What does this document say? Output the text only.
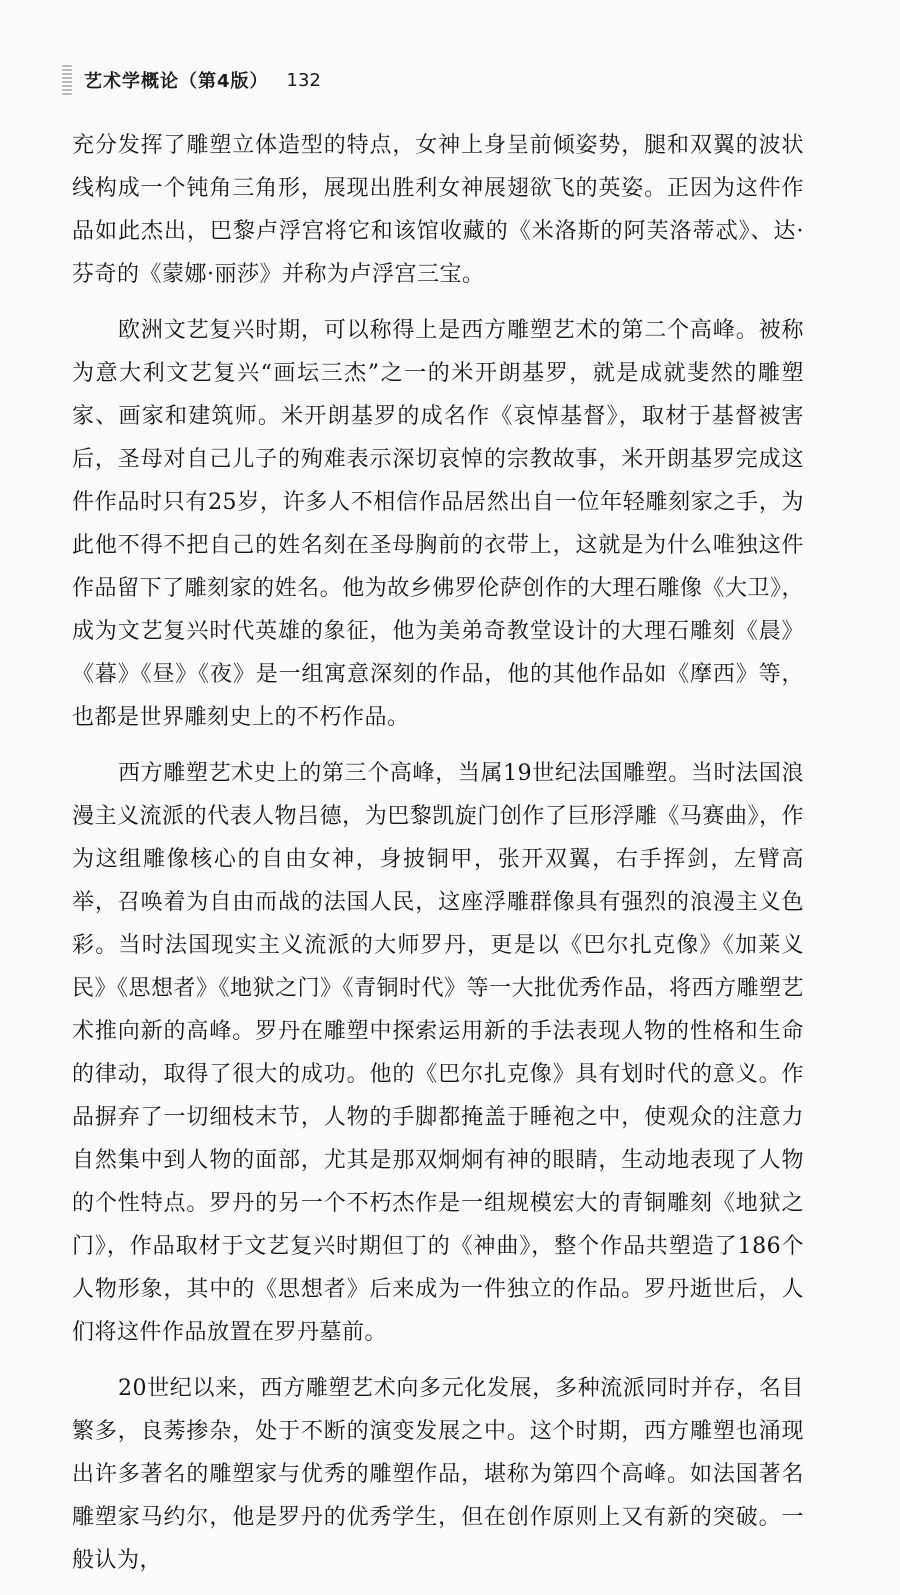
艺术学概论（第4版） 132

充分发挥了雕塑立体造型的特点，女神上身呈前倾姿势，腿和双翼的波状线构成一个钝角三角形，展现出胜利女神展翅欲飞的英姿。正因为这件作品如此杰出，巴黎卢浮宫将它和该馆收藏的《米洛斯的阿芙洛蒂忒》、达·芬奇的《蒙娜·丽莎》并称为卢浮宫三宝。

欧洲文艺复兴时期，可以称得上是西方雕塑艺术的第二个高峰。被称为意大利文艺复兴“画坛三杰”之一的米开朗基罗，就是成就斐然的雕塑家、画家和建筑师。米开朗基罗的成名作《哀悼基督》，取材于基督被害后，圣母对自己儿子的殉难表示深切哀悼的宗教故事，米开朗基罗完成这件作品时只有25岁，许多人不相信作品居然出自一位年轻雕刻家之手，为此他不得不把自己的姓名刻在圣母胸前的衣带上，这就是为什么唯独这件作品留下了雕刻家的姓名。他为故乡佛罗伦萨创作的大理石雕像《大卫》，成为文艺复兴时代英雄的象征，他为美弟奇教堂设计的大理石雕刻《晨》《暮》《昼》《夜》是一组寓意深刻的作品，他的其他作品如《摩西》等，也都是世界雕刻史上的不朽作品。

西方雕塑艺术史上的第三个高峰，当属19世纪法国雕塑。当时法国浪漫主义流派的代表人物吕德，为巴黎凯旋门创作了巨形浮雕《马赛曲》，作为这组雕像核心的自由女神，身披铜甲，张开双翼，右手挥剑，左臂高举，召唤着为自由而战的法国人民，这座浮雕群像具有强烈的浪漫主义色彩。当时法国现实主义流派的大师罗丹，更是以《巴尔扎克像》《加莱义民》《思想者》《地狱之门》《青铜时代》等一大批优秀作品，将西方雕塑艺术推向新的高峰。罗丹在雕塑中探索运用新的手法表现人物的性格和生命的律动，取得了很大的成功。他的《巴尔扎克像》具有划时代的意义。作品摒弃了一切细枝末节，人物的手脚都掩盖于睡袍之中，使观众的注意力自然集中到人物的面部，尤其是那双炯炯有神的眼睛，生动地表现了人物的个性特点。罗丹的另一个不朽杰作是一组规模宏大的青铜雕刻《地狱之门》，作品取材于文艺复兴时期但丁的《神曲》，整个作品共塑造了186个人物形象，其中的《思想者》后来成为一件独立的作品。罗丹逝世后，人们将这件作品放置在罗丹墓前。

20世纪以来，西方雕塑艺术向多元化发展，多种流派同时并存，名目繁多，良莠掺杂，处于不断的演变发展之中。这个时期，西方雕塑也涌现出许多著名的雕塑家与优秀的雕塑作品，堪称为第四个高峰。如法国著名雕塑家马约尔，他是罗丹的优秀学生，但在创作原则上又有新的突破。一般认为，
